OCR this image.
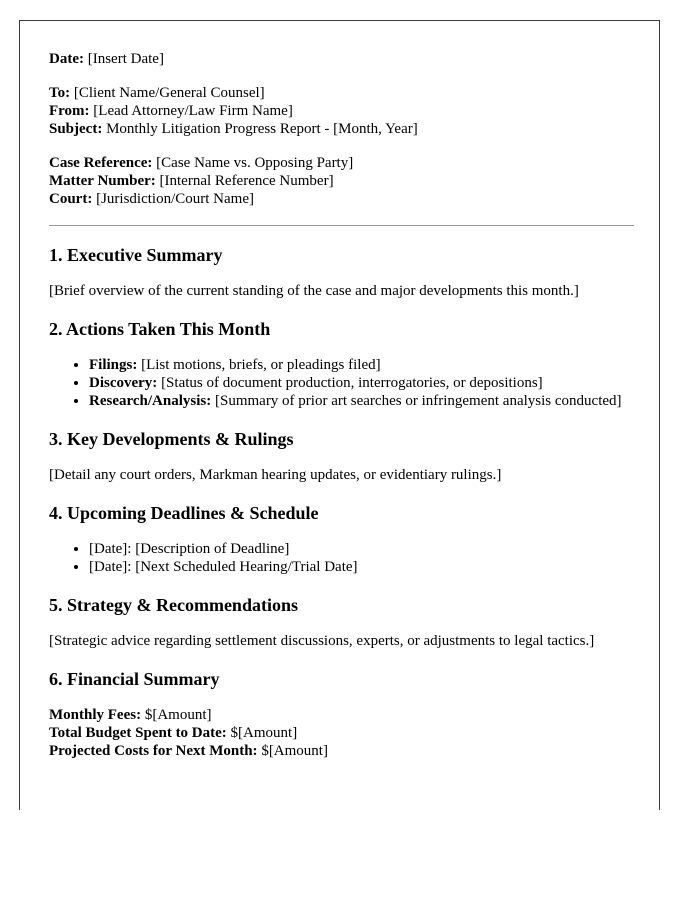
Date: [Insert Date]

To: [Client Name/General Counsel]

From: [Lead Attorney/Law Firm Name]

Subject: Monthly Litigation Progress Report - [Month, Year]

Case Reference: [Case Name vs. Opposing Party]

Matter Number: [Internal Reference Number]

Court: [Jurisdiction/Court Name]

1. Executive Summary

[Brief overview of the current standing of the case and major developments this month.]

2. Actions Taken This Month
• Filings: [List motions, briefs, or pleadings filed]
• Discovery: [Status of document production, interrogatories, or depositions]
• Research/Analysis: [Summary of prior art searches or infringement analysis conducted]
3. Key Developments & Rulings

[Detail any court orders, Markman hearing updates, or evidentiary rulings.]

4. Upcoming Deadlines & Schedule
• [Date]: [Description of Deadline]
• [Date]: [Next Scheduled Hearing/Trial Date]
5. Strategy & Recommendations

[Strategic advice regarding settlement discussions, experts, or adjustments to legal tactics.]

6. Financial Summary

Monthly Fees: $[Amount]

Total Budget Spent to Date: $[Amount]

Projected Costs for Next Month: $[Amount]
